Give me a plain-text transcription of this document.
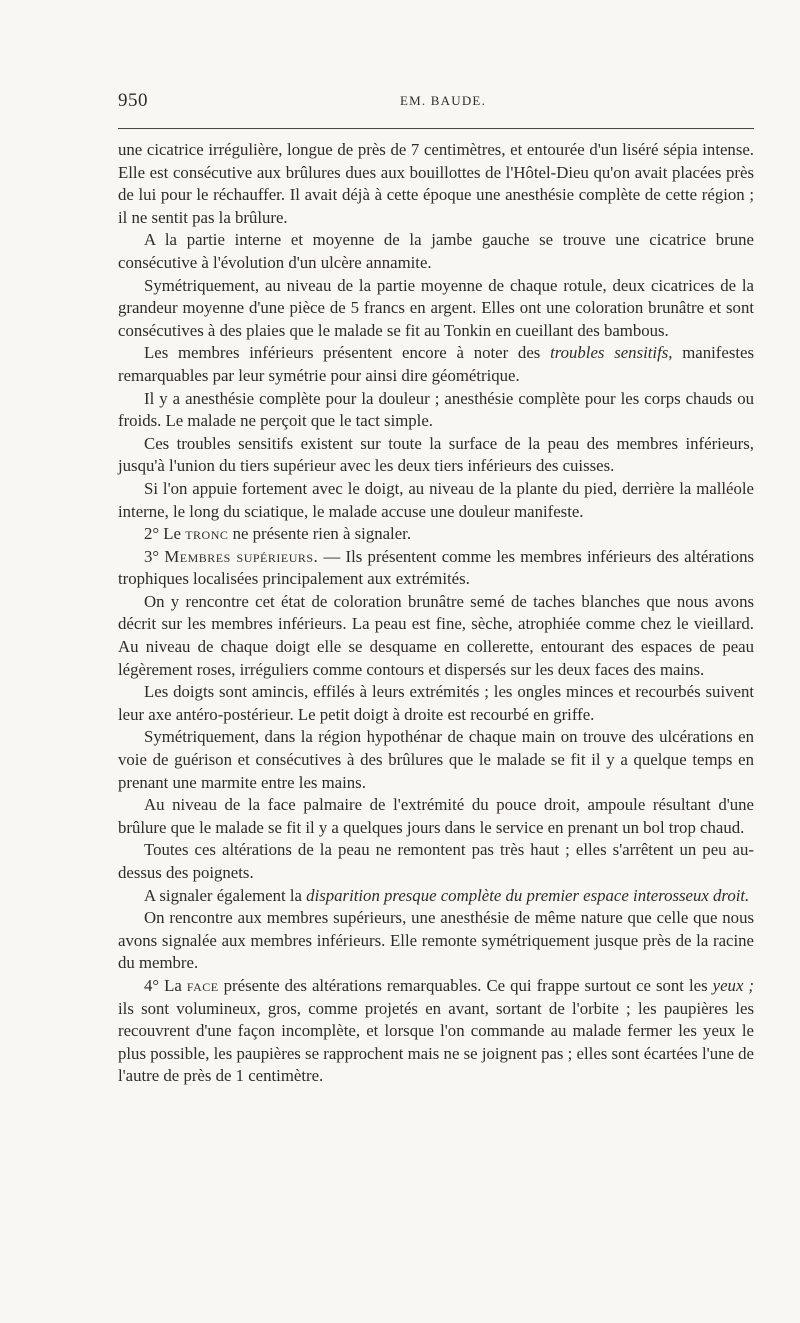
950	EM. BAUDE.

une cicatrice irrégulière, longue de près de 7 centimètres, et entourée d'un liséré sépia intense. Elle est consécutive aux brûlures dues aux bouillottes de l'Hôtel-Dieu qu'on avait placées près de lui pour le réchauffer. Il avait déjà à cette époque une anesthésie complète de cette région ; il ne sentit pas la brûlure.

A la partie interne et moyenne de la jambe gauche se trouve une cicatrice brune consécutive à l'évolution d'un ulcère annamite.

Symétriquement, au niveau de la partie moyenne de chaque rotule, deux cicatrices de la grandeur moyenne d'une pièce de 5 francs en argent. Elles ont une coloration brunâtre et sont consécutives à des plaies que le malade se fit au Tonkin en cueillant des bambous.

Les membres inférieurs présentent encore à noter des troubles sensitifs, manifestes remarquables par leur symétrie pour ainsi dire géométrique.

Il y a anesthésie complète pour la douleur ; anesthésie complète pour les corps chauds ou froids. Le malade ne perçoit que le tact simple.

Ces troubles sensitifs existent sur toute la surface de la peau des membres inférieurs, jusqu'à l'union du tiers supérieur avec les deux tiers inférieurs des cuisses.

Si l'on appuie fortement avec le doigt, au niveau de la plante du pied, derrière la malléole interne, le long du sciatique, le malade accuse une douleur manifeste.

2° Le tronc ne présente rien à signaler.

3° Membres supérieurs. — Ils présentent comme les membres inférieurs des altérations trophiques localisées principalement aux extrémités.

On y rencontre cet état de coloration brunâtre semé de taches blanches que nous avons décrit sur les membres inférieurs. La peau est fine, sèche, atrophiée comme chez le vieillard. Au niveau de chaque doigt elle se desquame en collerette, entourant des espaces de peau légèrement roses, irréguliers comme contours et dispersés sur les deux faces des mains.

Les doigts sont amincis, effilés à leurs extrémités ; les ongles minces et recourbés suivent leur axe antéro-postérieur. Le petit doigt à droite est recourbé en griffe.

Symétriquement, dans la région hypothénar de chaque main on trouve des ulcérations en voie de guérison et consécutives à des brûlures que le malade se fit il y a quelque temps en prenant une marmite entre les mains.

Au niveau de la face palmaire de l'extrémité du pouce droit, ampoule résultant d'une brûlure que le malade se fit il y a quelques jours dans le service en prenant un bol trop chaud.

Toutes ces altérations de la peau ne remontent pas très haut ; elles s'arrêtent un peu au-dessus des poignets.

A signaler également la disparition presque complète du premier espace interosseux droit.

On rencontre aux membres supérieurs, une anesthésie de même nature que celle que nous avons signalée aux membres inférieurs. Elle remonte symétriquement jusque près de la racine du membre.

4° La face présente des altérations remarquables. Ce qui frappe surtout ce sont les yeux ; ils sont volumineux, gros, comme projetés en avant, sortant de l'orbite ; les paupières les recouvrent d'une façon incomplète, et lorsque l'on commande au malade fermer les yeux le plus possible, les paupières se rapprochent mais ne se joignent pas ; elles sont écartées l'une de l'autre de près de 1 centimètre.
